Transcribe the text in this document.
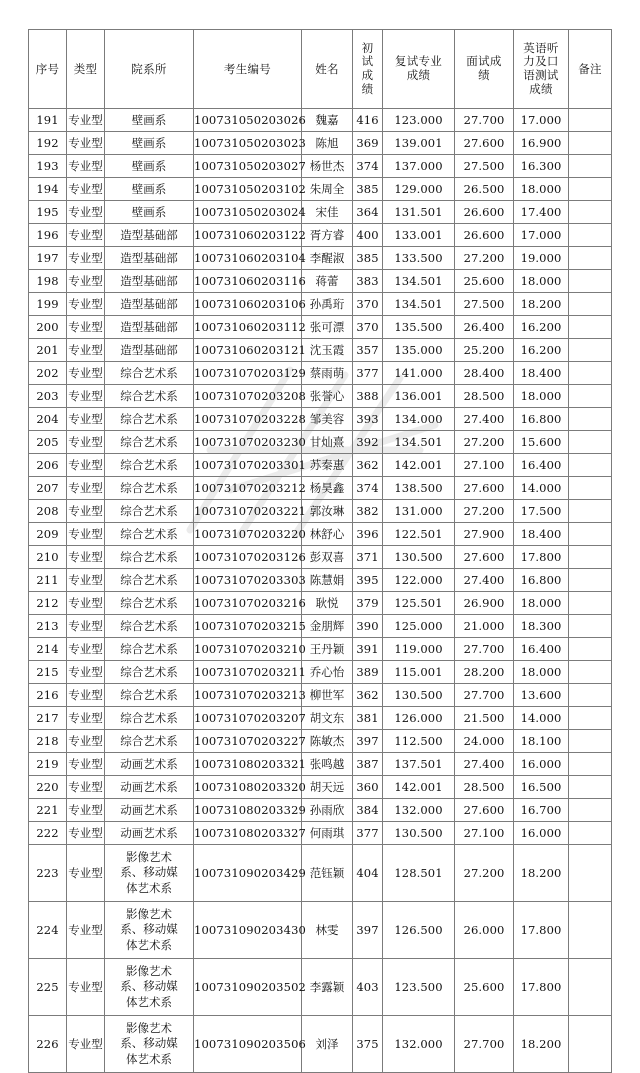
序号	类型	院系所	考生编号	姓名	初试成绩	复试专业成绩	面试成绩	英语听力及口语测试成绩	备注
191	专业型	壁画系	100731050203026	魏嘉	416	123.000	27.700	17.000	
192	专业型	壁画系	100731050203023	陈旭	369	139.001	27.600	16.900	
193	专业型	壁画系	100731050203027	杨世杰	374	137.000	27.500	16.300	
194	专业型	壁画系	100731050203102	朱周全	385	129.000	26.500	18.000	
195	专业型	壁画系	100731050203024	宋佳	364	131.501	26.600	17.400	
196	专业型	造型基础部	100731060203122	胥方睿	400	133.001	26.600	17.000	
197	专业型	造型基础部	100731060203104	李醒淑	385	133.500	27.200	19.000	
198	专业型	造型基础部	100731060203116	蒋蕾	383	134.501	25.600	18.000	
199	专业型	造型基础部	100731060203106	孙禹珩	370	134.501	27.500	18.200	
200	专业型	造型基础部	100731060203112	张可漂	370	135.500	26.400	16.200	
201	专业型	造型基础部	100731060203121	沈玉霞	357	135.000	25.200	16.200	
202	专业型	综合艺术系	100731070203129	蔡雨萌	377	141.000	28.400	18.400	
203	专业型	综合艺术系	100731070203208	张誉心	388	136.001	28.500	18.000	
204	专业型	综合艺术系	100731070203228	邹美容	393	134.000	27.400	16.800	
205	专业型	综合艺术系	100731070203230	甘灿熹	392	134.501	27.200	15.600	
206	专业型	综合艺术系	100731070203301	苏秦惠	362	142.001	27.100	16.400	
207	专业型	综合艺术系	100731070203212	杨昊鑫	374	138.500	27.600	14.000	
208	专业型	综合艺术系	100731070203221	郭汝琳	382	131.000	27.200	17.500	
209	专业型	综合艺术系	100731070203220	林舒心	396	122.501	27.900	18.400	
210	专业型	综合艺术系	100731070203126	彭双喜	371	130.500	27.600	17.800	
211	专业型	综合艺术系	100731070203303	陈慧娟	395	122.000	27.400	16.800	
212	专业型	综合艺术系	100731070203216	耿悦	379	125.501	26.900	18.000	
213	专业型	综合艺术系	100731070203215	金朋辉	390	125.000	21.000	18.300	
214	专业型	综合艺术系	100731070203210	王丹颖	391	119.000	27.700	16.400	
215	专业型	综合艺术系	100731070203211	乔心怡	389	115.001	28.200	18.000	
216	专业型	综合艺术系	100731070203213	柳世军	362	130.500	27.700	13.600	
217	专业型	综合艺术系	100731070203207	胡文东	381	126.000	21.500	14.000	
218	专业型	综合艺术系	100731070203227	陈敏杰	397	112.500	24.000	18.100	
219	专业型	动画艺术系	100731080203321	张鸣越	387	137.501	27.400	16.000	
220	专业型	动画艺术系	100731080203320	胡天远	360	142.001	28.500	16.500	
221	专业型	动画艺术系	100731080203329	孙雨欣	384	132.000	27.600	16.700	
222	专业型	动画艺术系	100731080203327	何雨琪	377	130.500	27.100	16.000	
223	专业型	影像艺术系、移动媒体艺术系	100731090203429	范钰颖	404	128.501	27.200	18.200	
224	专业型	影像艺术系、移动媒体艺术系	100731090203430	林雯	397	126.500	26.000	17.800	
225	专业型	影像艺术系、移动媒体艺术系	100731090203502	李露颖	403	123.500	25.600	17.800	
226	专业型	影像艺术系、移动媒体艺术系	100731090203506	刘泽	375	132.000	27.700	18.200	
